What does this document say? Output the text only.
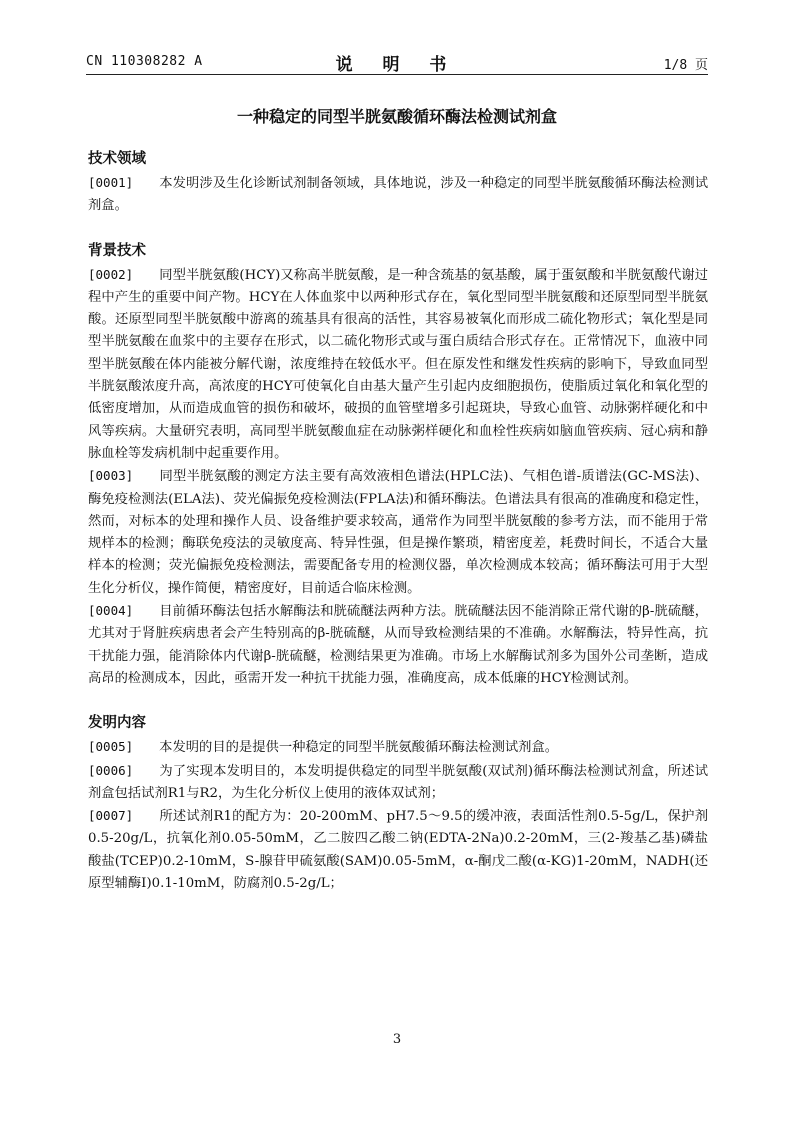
CN 110308282 A	说 明 书	1/8 页
一种稳定的同型半胱氨酸循环酶法检测试剂盒
技术领域
[0001] 本发明涉及生化诊断试剂制备领域，具体地说，涉及一种稳定的同型半胱氨酸循环酶法检测试剂盒。
背景技术
[0002] 同型半胱氨酸(HCY)又称高半胱氨酸，是一种含巯基的氨基酸，属于蛋氨酸和半胱氨酸代谢过程中产生的重要中间产物。HCY在人体血浆中以两种形式存在，氧化型同型半胱氨酸和还原型同型半胱氨酸。还原型同型半胱氨酸中游离的巯基具有很高的活性，其容易被氧化而形成二硫化物形式；氧化型是同型半胱氨酸在血浆中的主要存在形式，以二硫化物形式或与蛋白质结合形式存在。正常情况下，血液中同型半胱氨酸在体内能被分解代谢，浓度维持在较低水平。但在原发性和继发性疾病的影响下，导致血同型半胱氨酸浓度升高，高浓度的HCY可使氧化自由基大量产生引起内皮细胞损伤，使脂质过氧化和氧化型的低密度增加，从而造成血管的损伤和破坏，破损的血管壁增多引起斑块，导致心血管、动脉粥样硬化和中风等疾病。大量研究表明，高同型半胱氨酸血症在动脉粥样硬化和血栓性疾病如脑血管疾病、冠心病和静脉血栓等发病机制中起重要作用。
[0003] 同型半胱氨酸的测定方法主要有高效液相色谱法(HPLC法)、气相色谱-质谱法(GC-MS法)、酶免疫检测法(ELA法)、荧光偏振免疫检测法(FPLA法)和循环酶法。色谱法具有很高的准确度和稳定性，然而，对标本的处理和操作人员、设备维护要求较高，通常作为同型半胱氨酸的参考方法，而不能用于常规样本的检测；酶联免疫法的灵敏度高、特异性强，但是操作繁琐，精密度差，耗费时间长，不适合大量样本的检测；荧光偏振免疫检测法，需要配备专用的检测仪器，单次检测成本较高；循环酶法可用于大型生化分析仪，操作简便，精密度好，目前适合临床检测。
[0004] 目前循环酶法包括水解酶法和胱硫醚法两种方法。胱硫醚法因不能消除正常代谢的β-胱硫醚，尤其对于肾脏疾病患者会产生特别高的β-胱硫醚，从而导致检测结果的不准确。水解酶法，特异性高，抗干扰能力强，能消除体内代谢β-胱硫醚，检测结果更为准确。市场上水解酶试剂多为国外公司垄断，造成高昂的检测成本，因此，亟需开发一种抗干扰能力强，准确度高，成本低廉的HCY检测试剂。
发明内容
[0005] 本发明的目的是提供一种稳定的同型半胱氨酸循环酶法检测试剂盒。
[0006] 为了实现本发明目的，本发明提供稳定的同型半胱氨酸(双试剂)循环酶法检测试剂盒，所述试剂盒包括试剂R1与R2，为生化分析仪上使用的液体双试剂；
[0007] 所述试剂R1的配方为：20-200mM、pH7.5～9.5的缓冲液，表面活性剂0.5-5g/L，保护剂0.5-20g/L，抗氧化剂0.05-50mM，乙二胺四乙酸二钠(EDTA-2Na)0.2-20mM，三(2-羧基乙基)磷盐酸盐(TCEP)0.2-10mM，S-腺苷甲硫氨酸(SAM)0.05-5mM，α-酮戊二酸(α-KG)1-20mM，NADH(还原型辅酶I)0.1-10mM，防腐剂0.5-2g/L；
3
